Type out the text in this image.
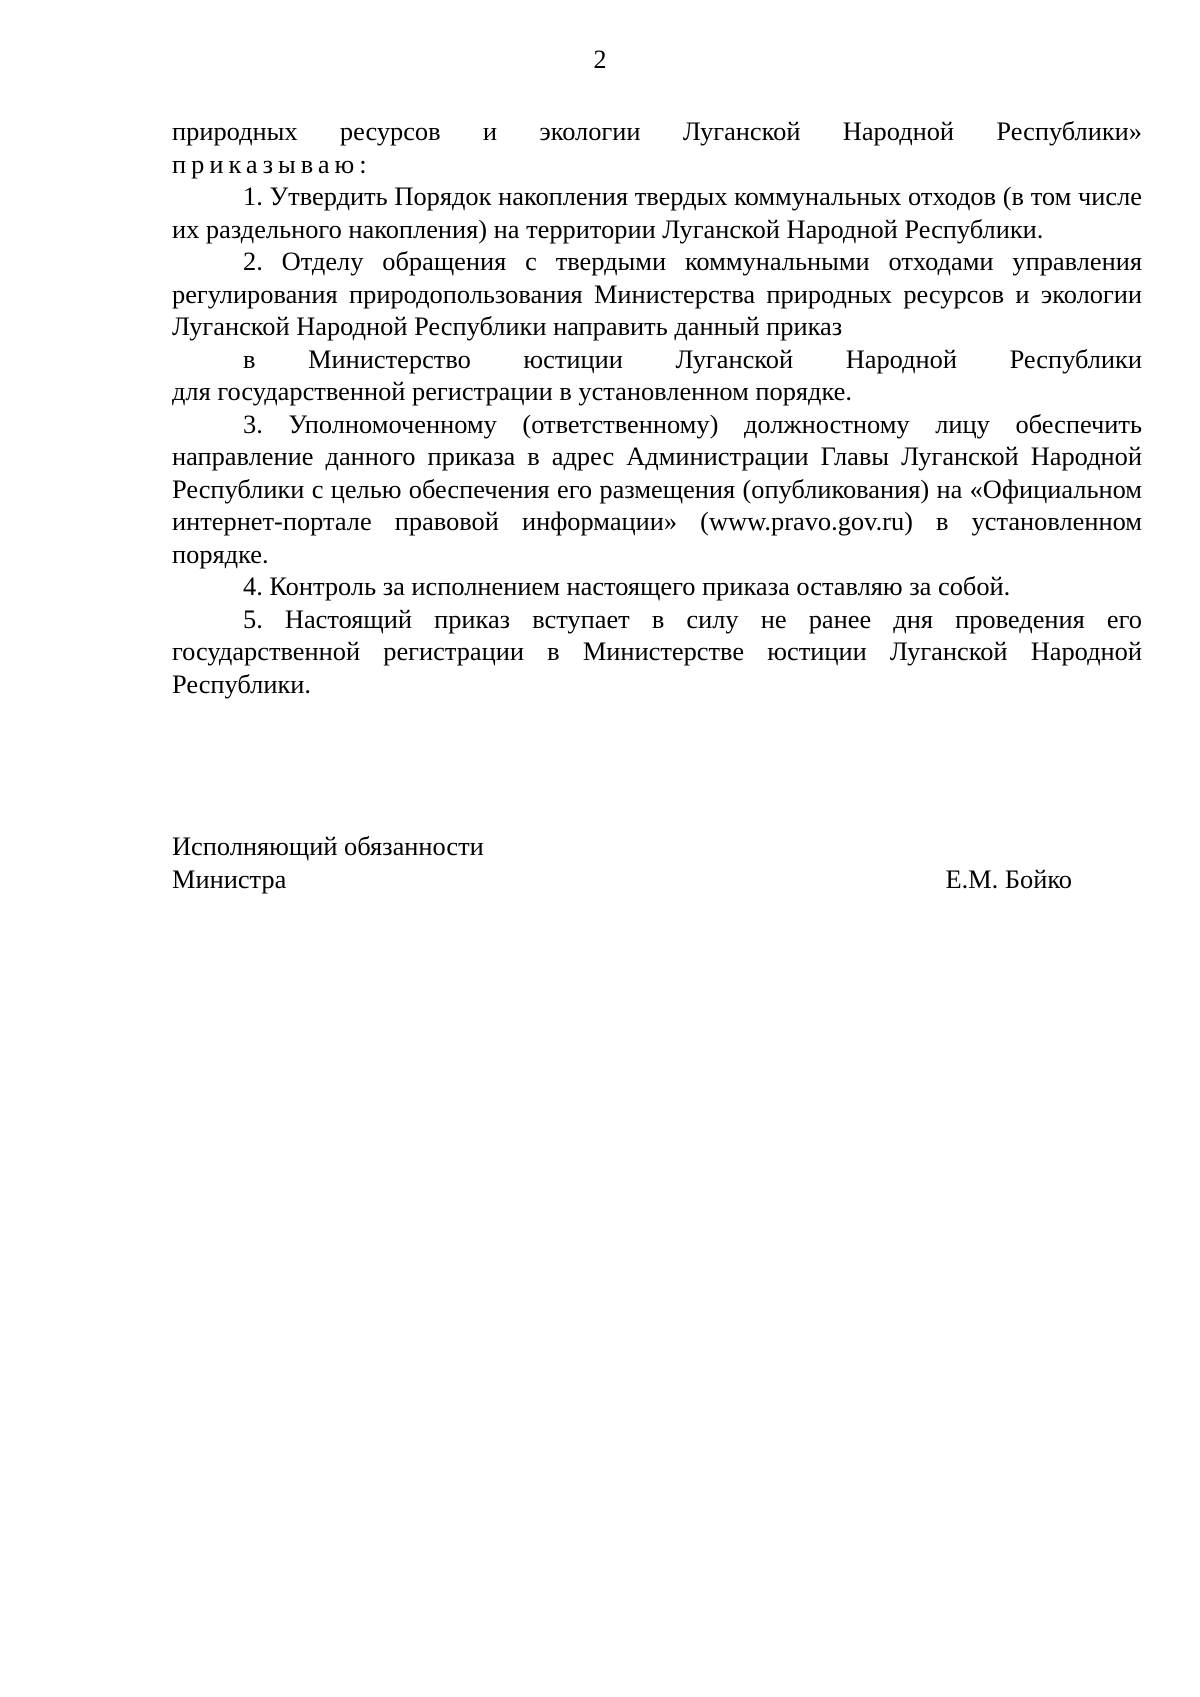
2

природных ресурсов и экологии Луганской Народной Республики»

приказываю:

1. Утвердить Порядок накопления твердых коммунальных отходов (в том числе их раздельного накопления) на территории Луганской Народной Республики.

2. Отделу обращения с твердыми коммунальными отходами управления регулирования природопользования Министерства природных ресурсов и экологии Луганской Народной Республики направить данный приказ
в Министерство юстиции Луганской Народной Республики
для государственной регистрации в установленном порядке.

3. Уполномоченному (ответственному) должностному лицу обеспечить направление данного приказа в адрес Администрации Главы Луганской Народной Республики с целью обеспечения его размещения (опубликования) на «Официальном интернет-портале правовой информации» (www.pravo.gov.ru) в установленном порядке.

4. Контроль за исполнением настоящего приказа оставляю за собой.

5. Настоящий приказ вступает в силу не ранее дня проведения его государственной регистрации в Министерстве юстиции Луганской Народной Республики.

Исполняющий обязанности
Министра	Е.М. Бойко
